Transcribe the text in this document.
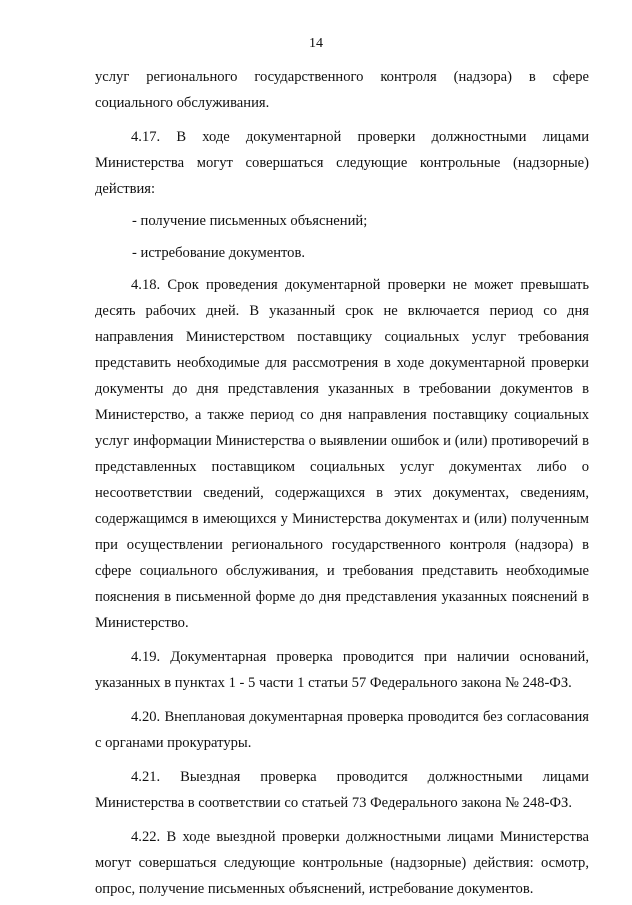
14

услуг регионального государственного контроля (надзора) в сфере социального обслуживания.

4.17. В ходе документарной проверки должностными лицами Министерства могут совершаться следующие контрольные (надзорные) действия:

- получение письменных объяснений;

- истребование документов.

4.18. Срок проведения документарной проверки не может превышать десять рабочих дней. В указанный срок не включается период со дня направления Министерством поставщику социальных услуг требования представить необходимые для рассмотрения в ходе документарной проверки документы до дня представления указанных в требовании документов в Министерство, а также период со дня направления поставщику социальных услуг информации Министерства о выявлении ошибок и (или) противоречий в представленных поставщиком социальных услуг документах либо о несоответствии сведений, содержащихся в этих документах, сведениям, содержащимся в имеющихся у Министерства документах и (или) полученным при осуществлении регионального государственного контроля (надзора) в сфере социального обслуживания, и требования представить необходимые пояснения в письменной форме до дня представления указанных пояснений в Министерство.

4.19. Документарная проверка проводится при наличии оснований, указанных в пунктах 1 - 5 части 1 статьи 57 Федерального закона № 248-ФЗ.

4.20. Внеплановая документарная проверка проводится без согласования с органами прокуратуры.

4.21. Выездная проверка проводится должностными лицами Министерства в соответствии со статьей 73 Федерального закона № 248-ФЗ.

4.22. В ходе выездной проверки должностными лицами Министерства могут совершаться следующие контрольные (надзорные) действия: осмотр, опрос, получение письменных объяснений, истребование документов.
